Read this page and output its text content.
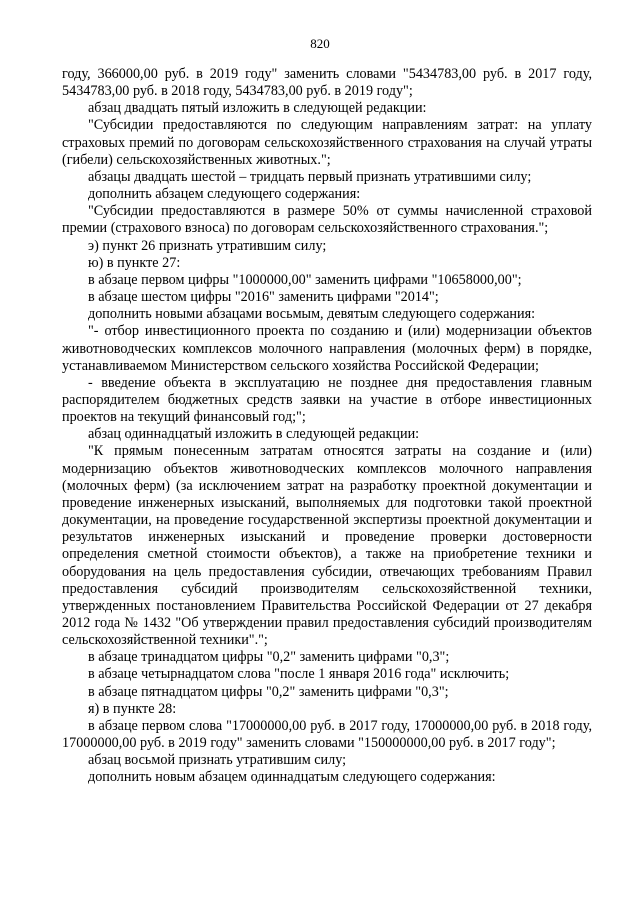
820

году, 366000,00 руб. в 2019 году" заменить словами "5434783,00 руб. в 2017 году, 5434783,00 руб. в 2018 году, 5434783,00 руб. в 2019 году";

абзац двадцать пятый изложить в следующей редакции:

"Субсидии предоставляются по следующим направлениям затрат: на уплату страховых премий по договорам сельскохозяйственного страхования на случай утраты (гибели) сельскохозяйственных животных.";

абзацы двадцать шестой – тридцать первый признать утратившими силу;

дополнить абзацем следующего содержания:

"Субсидии предоставляются в размере 50% от суммы начисленной страховой премии (страхового взноса) по договорам сельскохозяйственного страхования.";

э) пункт 26 признать утратившим силу;

ю) в пункте 27:

в абзаце первом цифры "1000000,00" заменить цифрами "10658000,00";

в абзаце шестом цифры "2016" заменить цифрами "2014";

дополнить новыми абзацами восьмым, девятым следующего содержания:

"- отбор инвестиционного проекта по созданию и (или) модернизации объектов животноводческих комплексов молочного направления (молочных ферм) в порядке, устанавливаемом Министерством сельского хозяйства Российской Федерации;

- введение объекта в эксплуатацию не позднее дня предоставления главным распорядителем бюджетных средств заявки на участие в отборе инвестиционных проектов на текущий финансовый год;";

абзац одиннадцатый изложить в следующей редакции:

"К прямым понесенным затратам относятся затраты на создание и (или) модернизацию объектов животноводческих комплексов молочного направления (молочных ферм) (за исключением затрат на разработку проектной документации и проведение инженерных изысканий, выполняемых для подготовки такой проектной документации, на проведение государственной экспертизы проектной документации и результатов инженерных изысканий и проведение проверки достоверности определения сметной стоимости объектов), а также на приобретение техники и оборудования на цель предоставления субсидии, отвечающих требованиям Правил предоставления субсидий производителям сельскохозяйственной техники, утвержденных постановлением Правительства Российской Федерации от 27 декабря 2012 года № 1432 "Об утверждении правил предоставления субсидий производителям сельскохозяйственной техники".";

в абзаце тринадцатом цифры "0,2" заменить цифрами "0,3";

в абзаце четырнадцатом слова "после 1 января 2016 года" исключить;

в абзаце пятнадцатом цифры "0,2" заменить цифрами "0,3";

я) в пункте 28:

в абзаце первом слова "17000000,00 руб. в 2017 году, 17000000,00 руб. в 2018 году, 17000000,00 руб. в 2019 году" заменить словами "150000000,00 руб. в 2017 году";

абзац восьмой признать утратившим силу;

дополнить новым абзацем одиннадцатым следующего содержания:
